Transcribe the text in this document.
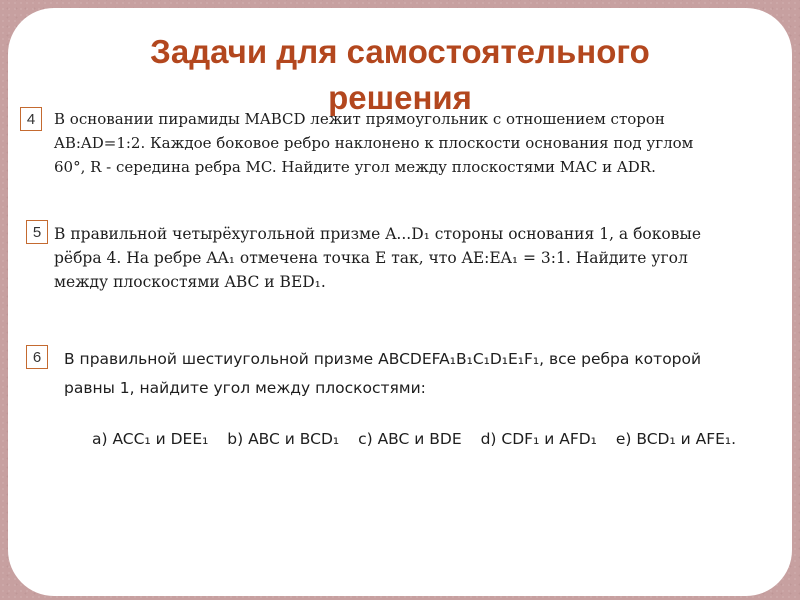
Задачи для самостоятельного
решения
4	В основании пирамиды MABCD лежит прямоугольник с отношением сторон
AB:AD=1:2. Каждое боковое ребро наклонено к плоскости основания под углом
60°, R - середина ребра MC. Найдите угол между плоскостями MAC и ADR.

5 В правильной четырёхугольной призме A...D₁ стороны основания 1, а боковые
рёбра 4. На ребре AA₁ отмечена точка E так, что AE:EA₁ = 3:1. Найдите угол
между плоскостями ABC и BED₁.

6	В правильной шестиугольной призме ABCDEFA₁B₁C₁D₁E₁F₁, все ребра которой
равны 1, найдите угол между плоскостями:

a) ACC₁ и DEE₁ b) ABC и BCD₁ c) ABC и BDE d) CDF₁ и AFD₁ e) BCD₁ и AFE₁.
